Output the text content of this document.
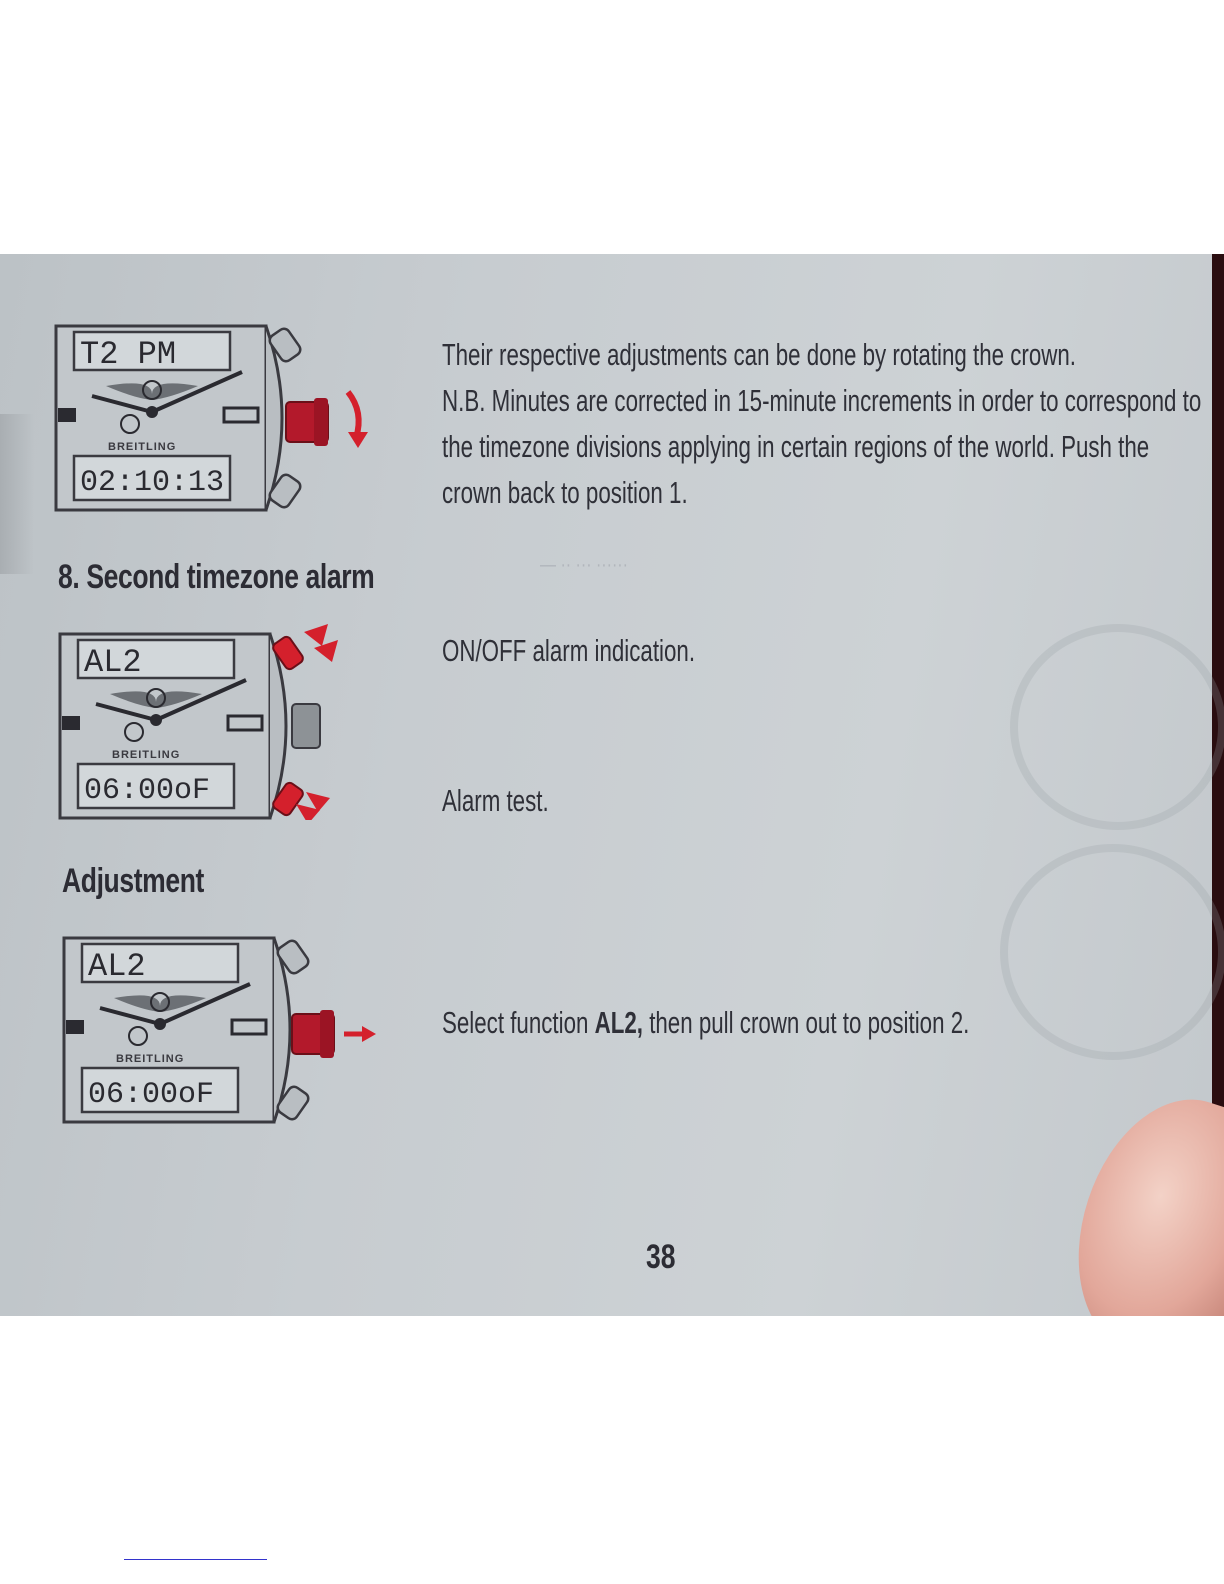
— ·· ··· ······
T2 PM
02:10:13
BREITLING
Their respective adjustments can be done by rotating the crown.
N.B. Minutes are corrected in 15-minute increments in order to correspond to
the timezone divisions applying in certain regions of the world. Push the
crown back to position 1.
8. Second timezone alarm
AL2
06:00oF
BREITLING
ON/OFF alarm indication.
Alarm test.
Adjustment
AL2
06:00oF
BREITLING
Select function AL2, then pull crown out to position 2.
38
